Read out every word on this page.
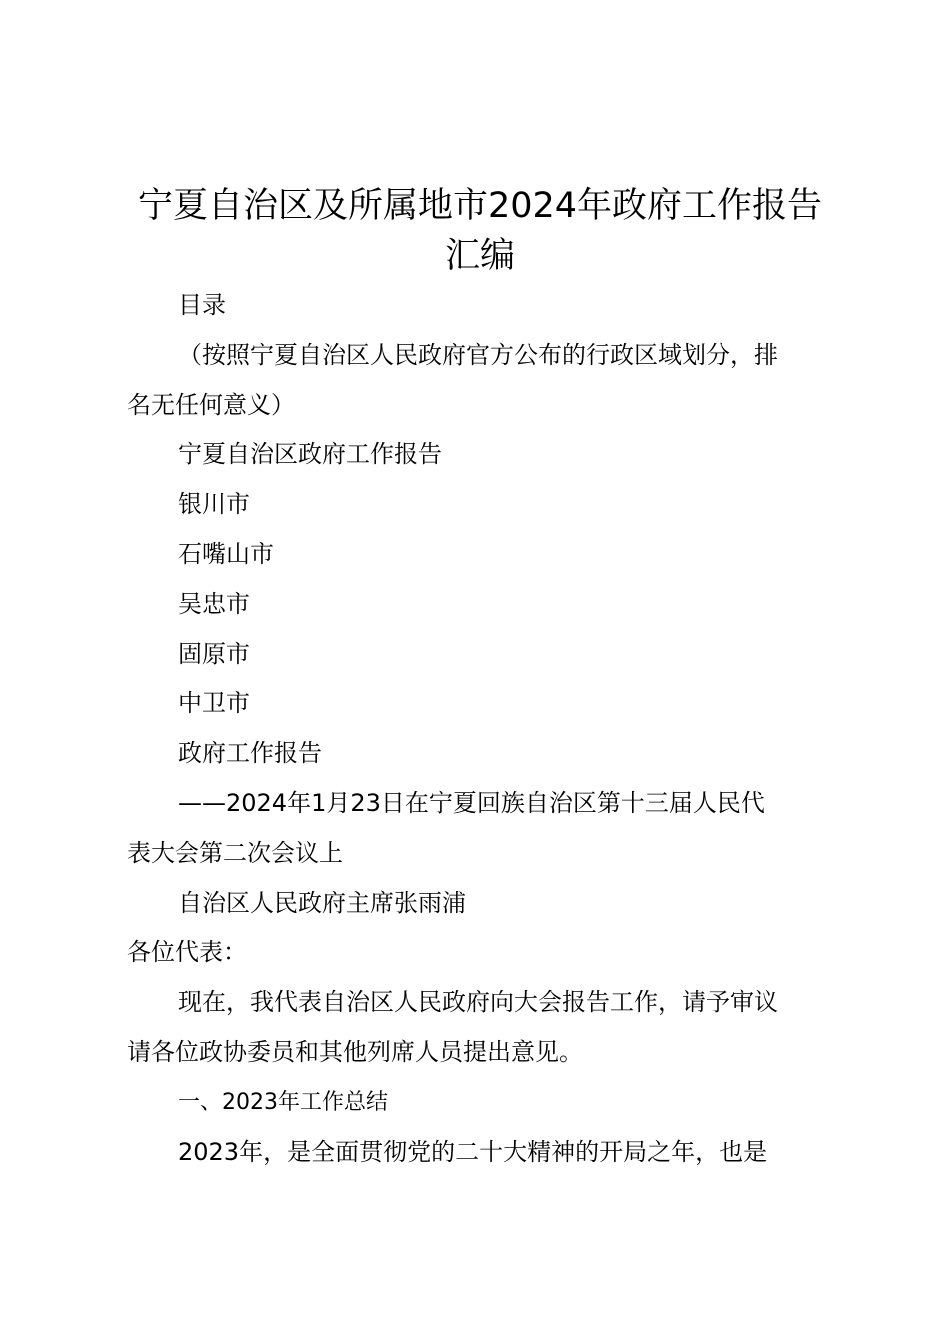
宁夏自治区及所属地市2024年政府工作报告
汇编
目录
（按照宁夏自治区人民政府官方公布的行政区域划分，排
名无任何意义）
宁夏自治区政府工作报告
银川市
石嘴山市
吴忠市
固原市
中卫市
政府工作报告
——2024年1月23日在宁夏回族自治区第十三届人民代
表大会第二次会议上
自治区人民政府主席张雨浦
各位代表：
现在，我代表自治区人民政府向大会报告工作，请予审议
请各位政协委员和其他列席人员提出意见。
一、2023年工作总结
2023年，是全面贯彻党的二十大精神的开局之年，也是
